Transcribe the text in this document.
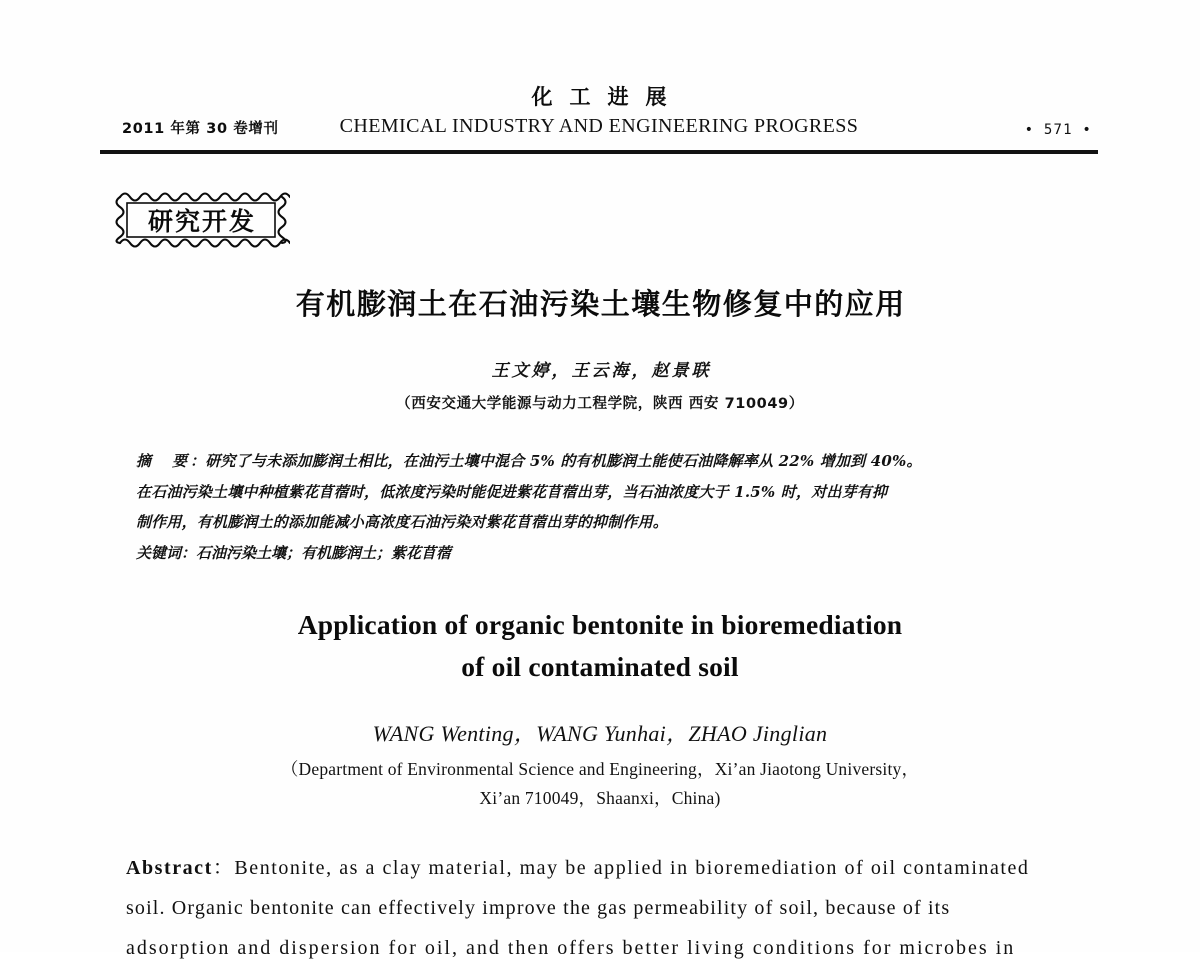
化工进展
2011 年第 30 卷增刊	CHEMICAL INDUSTRY AND ENGINEERING PROGRESS	• 571 •
研究开发
有机膨润土在石油污染土壤生物修复中的应用
王文婷，王云海，赵景联
（西安交通大学能源与动力工程学院，陕西 西安 710049）
摘　要：研究了与未添加膨润土相比，在油污土壤中混合 5% 的有机膨润土能使石油降解率从 22% 增加到 40%。
在石油污染土壤中种植紫花苜蓿时，低浓度污染时能促进紫花苜蓿出芽，当石油浓度大于 1.5% 时，对出芽有抑
制作用，有机膨润土的添加能减小高浓度石油污染对紫花苜蓿出芽的抑制作用。
关键词：石油污染土壤；有机膨润土；紫花苜蓿
Application of organic bentonite in bioremediation
of oil contaminated soil
WANG Wenting，WANG Yunhai，ZHAO Jinglian
（Department of Environmental Science and Engineering，Xi’an Jiaotong University，
Xi’an 710049，Shaanxi，China)
Abstract：Bentonite, as a clay material, may be applied in bioremediation of oil contaminated
soil. Organic bentonite can effectively improve the gas permeability of soil, because of its
adsorption and dispersion for oil, and then offers better living conditions for microbes in
